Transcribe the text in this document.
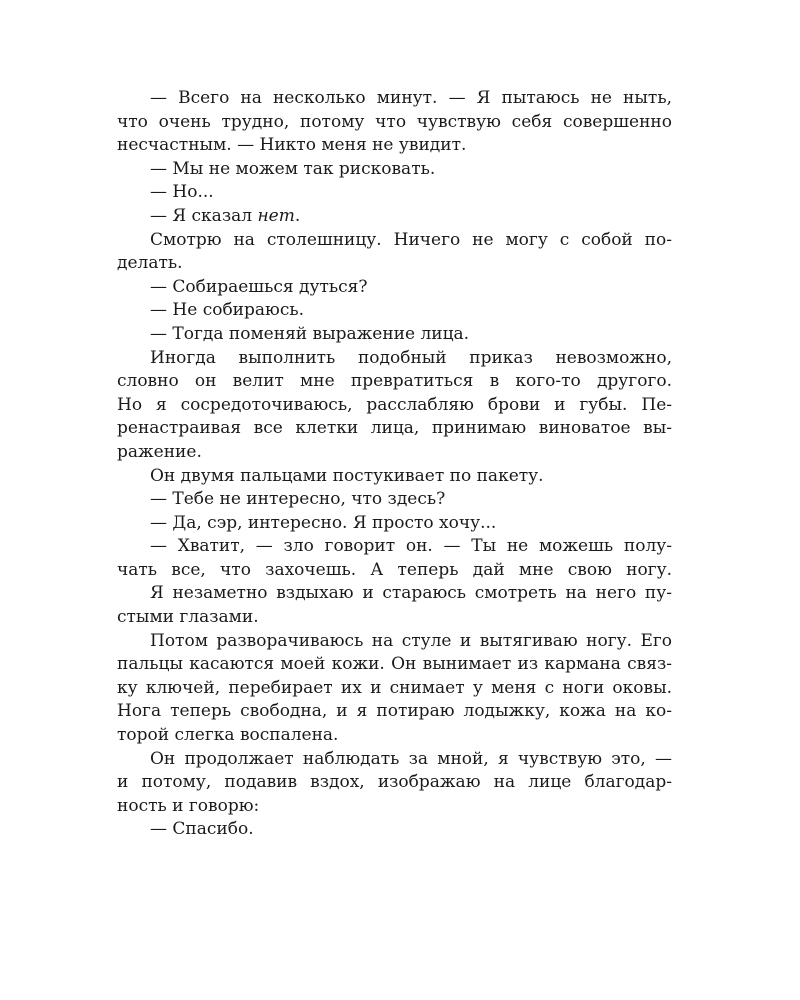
— Всего на несколько минут. — Я пытаюсь не ныть,
что очень трудно, потому что чувствую себя совершенно
несчастным. — Никто меня не увидит.
— Мы не можем так рисковать.
— Но...
— Я сказал нет.
Смотрю на столешницу. Ничего не могу с собой по-
делать.
— Собираешься дуться?
— Не собираюсь.
— Тогда поменяй выражение лица.
Иногда выполнить подобный приказ невозможно,
словно он велит мне превратиться в кого-то другого.
Но я сосредоточиваюсь, расслабляю брови и губы. Пе-
ренастраивая все клетки лица, принимаю виноватое вы-
ражение.
Он двумя пальцами постукивает по пакету.
— Тебе не интересно, что здесь?
— Да, сэр, интересно. Я просто хочу...
— Хватит, — зло говорит он. — Ты не можешь полу-
чать все, что захочешь. А теперь дай мне свою ногу.
Я незаметно вздыхаю и стараюсь смотреть на него пу-
стыми глазами.
Потом разворачиваюсь на стуле и вытягиваю ногу. Его
пальцы касаются моей кожи. Он вынимает из кармана связ-
ку ключей, перебирает их и снимает у меня с ноги оковы.
Нога теперь свободна, и я потираю лодыжку, кожа на ко-
торой слегка воспалена.
Он продолжает наблюдать за мной, я чувствую это, —
и потому, подавив вздох, изображаю на лице благодар-
ность и говорю:
— Спасибо.
